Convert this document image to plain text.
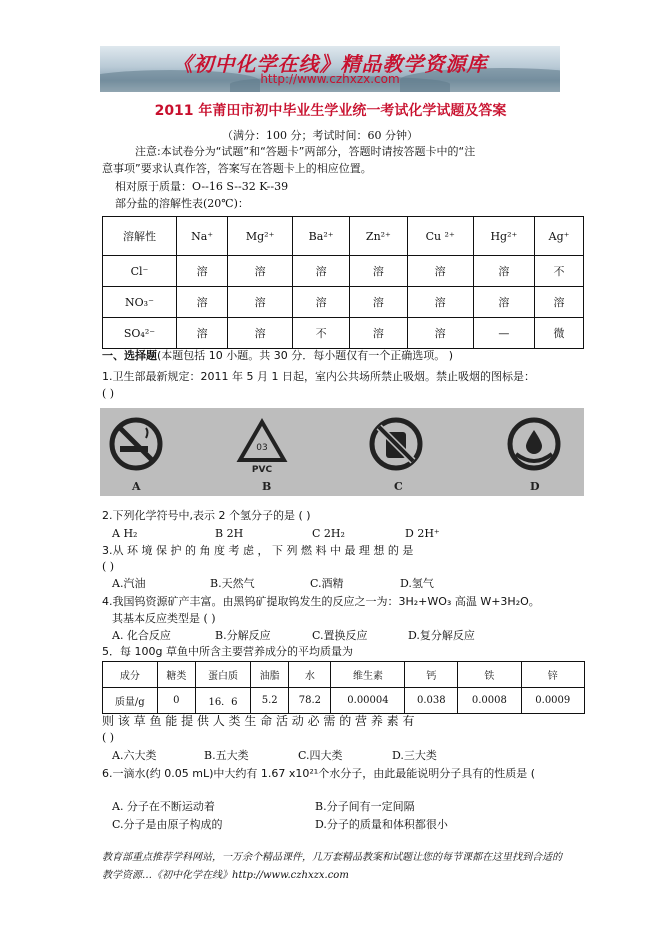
《初中化学在线》精品教学资源库
http://www.czhxzx.com
2011 年莆田市初中毕业生学业统一考试化学试题及答案
（满分：100 分；考试时间：60 分钟）
注意:本试卷分为“试题”和“答题卡”两部分，答题时请按答题卡中的“注
意事项”要求认真作答，答案写在答题卡上的相应位置。
相对原于质量：O--16 S--32 K--39
部分盐的溶解性表(20℃)：
溶解性	Na⁺	Mg²⁺	Ba²⁺	Zn²⁺	Cu ²⁺	Hg²⁺	Ag⁺
Cl⁻	溶	溶	溶	溶	溶	溶	不
NO₃⁻	溶	溶	溶	溶	溶	溶	溶
SO₄²⁻	溶	溶	不	溶	溶	—	微
一、选择题(本题包括 10 小题。共 30 分．每小题仅有一个正确选项。 )
1.卫生部最新规定：2011 年 5 月 1 日起，室内公共场所禁止吸烟。禁止吸烟的图标是：
( )
A
03
PVC
B	C	D
2.下列化学符号中,表示 2 个氢分子的是 ( )
A H₂	B 2H	C 2H₂	D 2H⁺
3.从 环 境 保 护 的 角 度 考 虑 ， 下 列 燃 料 中 最 理 想 的 是
( )
A.汽油	B.天然气	C.酒精	D.氢气
4.我国钨资源矿产丰富。由黑钨矿提取钨发生的反应之一为：3H₂+WO₃ 高温 W+3H₂O。
其基本反应类型是 ( )
A. 化合反应	B.分解反应	C.置换反应	D.复分解反应
5．每 100g 草鱼中所含主要营养成分的平均质量为
成分	糖类	蛋白质	油脂	水	维生素	钙	铁	锌
质量/g	0	16．6	5.2	78.2	0.00004	0.038	0.0008	0.0009
则 该 草 鱼 能 提 供 人 类 生 命 活 动 必 需 的 营 养 素 有
( )
A.六大类	B.五大类	C.四大类	D.三大类
6.一滴水(约 0.05 mL)中大约有 1.67 x10²¹个水分子，由此最能说明分子具有的性质是 (
A. 分子在不断运动着	B.分子间有一定间隔
C.分子是由原子构成的	D.分子的质量和体积都很小
教育部重点推荐学科网站，一万余个精品课件，几万套精品教案和试题让您的每节课都在这里找到合适的
教学资源…《初中化学在线》http://www.czhxzx.com
